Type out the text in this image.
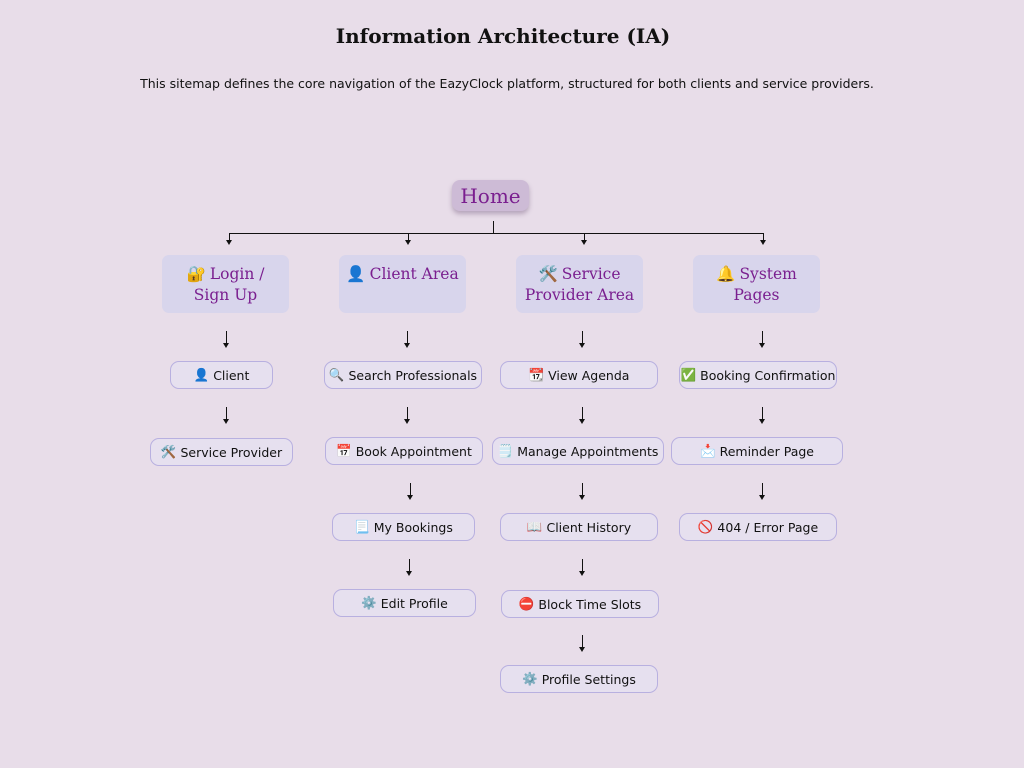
Information Architecture (IA)

This sitemap defines the core navigation of the EazyClock platform, structured for both clients and service providers.

Home
🔐 Login / Sign Up
👤 Client Area	🛠️ Service Provider Area
🔔 System Pages
👤 Client
🛠️ Service Provider
🔍 Search Professionals
📅 Book Appointment
📃 My Bookings
⚙️ Edit Profile
📆 View Agenda
🗒️ Manage Appointments
📖 Client History
⛔ Block Time Slots
⚙️ Profile Settings
✅ Booking Confirmation
📩 Reminder Page
🚫 404 / Error Page
